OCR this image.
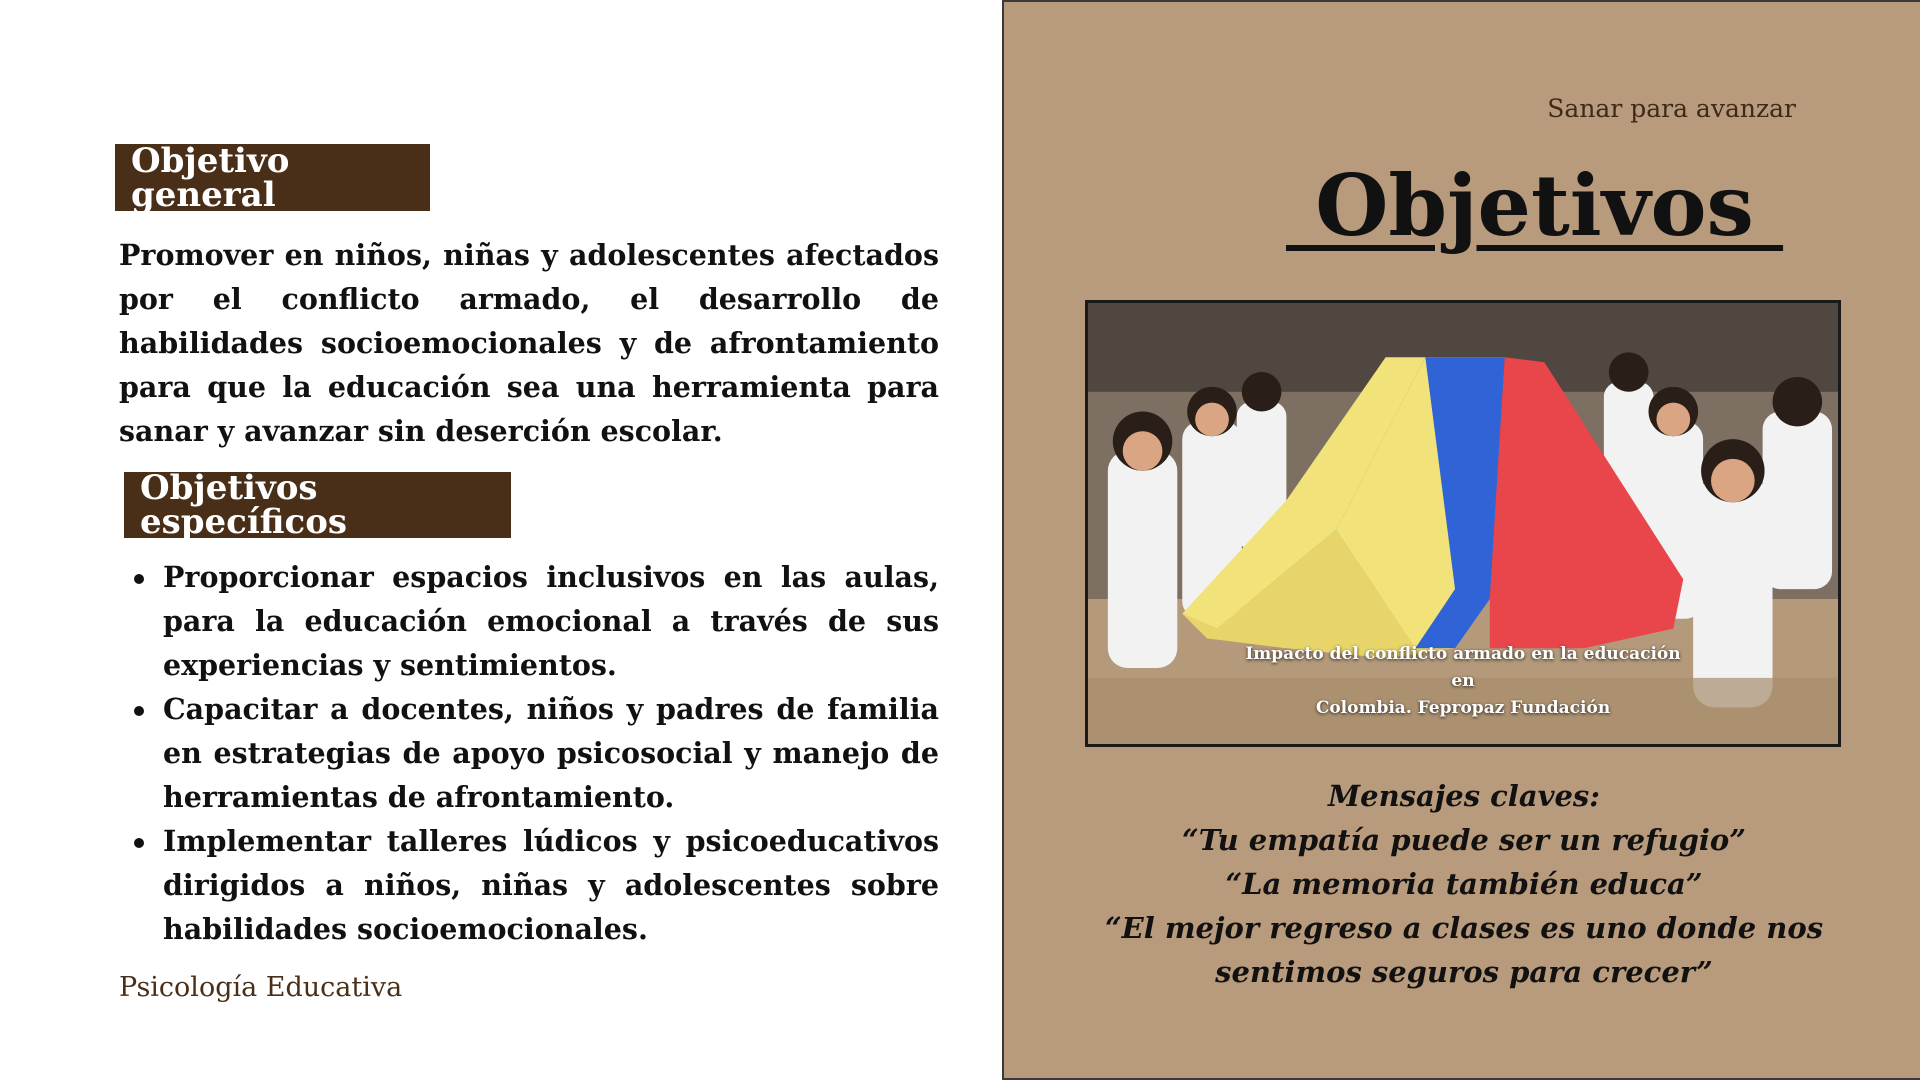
Objetivo general

Promover en niños, niñas y adolescentes afectados por el conflicto armado, el desarrollo de habilidades socioemocionales y de afrontamiento para que la educación sea una herramienta para sanar y avanzar sin deserción escolar.

Objetivos específicos
Proporcionar espacios inclusivos en las aulas, para la educación emocional a través de sus experiencias y sentimientos.
Capacitar a docentes, niños y padres de familia en estrategias de apoyo psicosocial y manejo de herramientas de afrontamiento.
Implementar talleres lúdicos y psicoeducativos dirigidos a niños, niñas y adolescentes sobre habilidades socioemocionales.
Psicología Educativa
Sanar para avanzar
Objetivos
Impacto del conflicto armado en la educación en
Colombia. Fepropaz Fundación
Mensajes claves:
“Tu empatía puede ser un refugio”
“La memoria también educa”
“El mejor regreso a clases es uno donde nos
sentimos seguros para crecer”
